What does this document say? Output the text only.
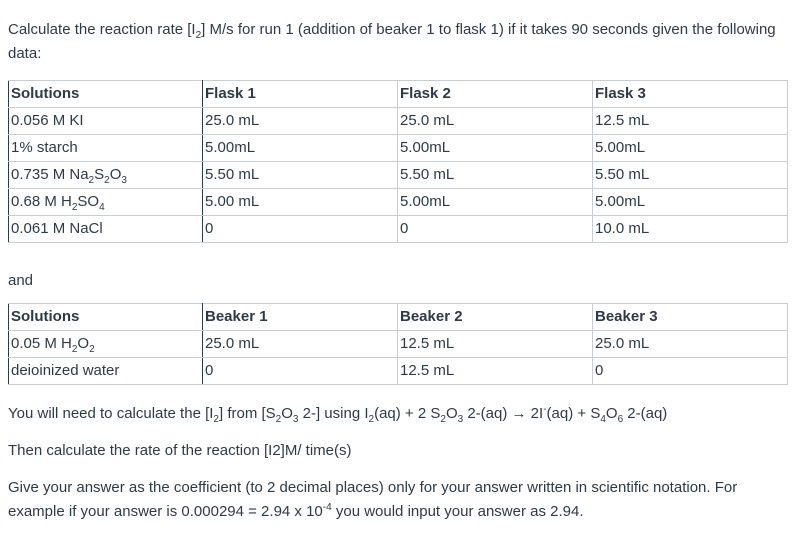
Calculate the reaction rate $[I_2]$ M/s for run 1 (addition of beaker 1 to flask 1) if it takes 90 seconds given the following data:

Solutions	Flask 1	Flask 2	Flask 3
0.056 M KI	25.0 mL	25.0 mL	12.5 mL
1% starch	5.00mL	5.00mL	5.00mL
0.735 M $Na_2S_2O_3$	5.50 mL	5.50 mL	5.50 mL
0.68 M $H_2SO_4$	5.00 mL	5.00mL	5.00mL
0.061 M NaCl	0	0	10.0 mL

and

Solutions	Beaker 1	Beaker 2	Beaker 3
0.05 M $H_2O_2$	25.0 mL	12.5 mL	25.0 mL
deioinized water	0	12.5 mL	0

You will need to calculate the $[I_2]$ from [$S_2O_3$ 2-] using $I_2(aq) + 2$ $S_2O_3$ $2-(aq) \to 2I^-(aq) + S_4O_6$ 2-(aq)

Then calculate the rate of the reaction [I2]M/ time(s)

Give your answer as the coefficient (to 2 decimal places) only for your answer written in scientific notation. For example if your answer is 0.000294 = 2.94 x $10^{-4}$ you would input your answer as 2.94.
